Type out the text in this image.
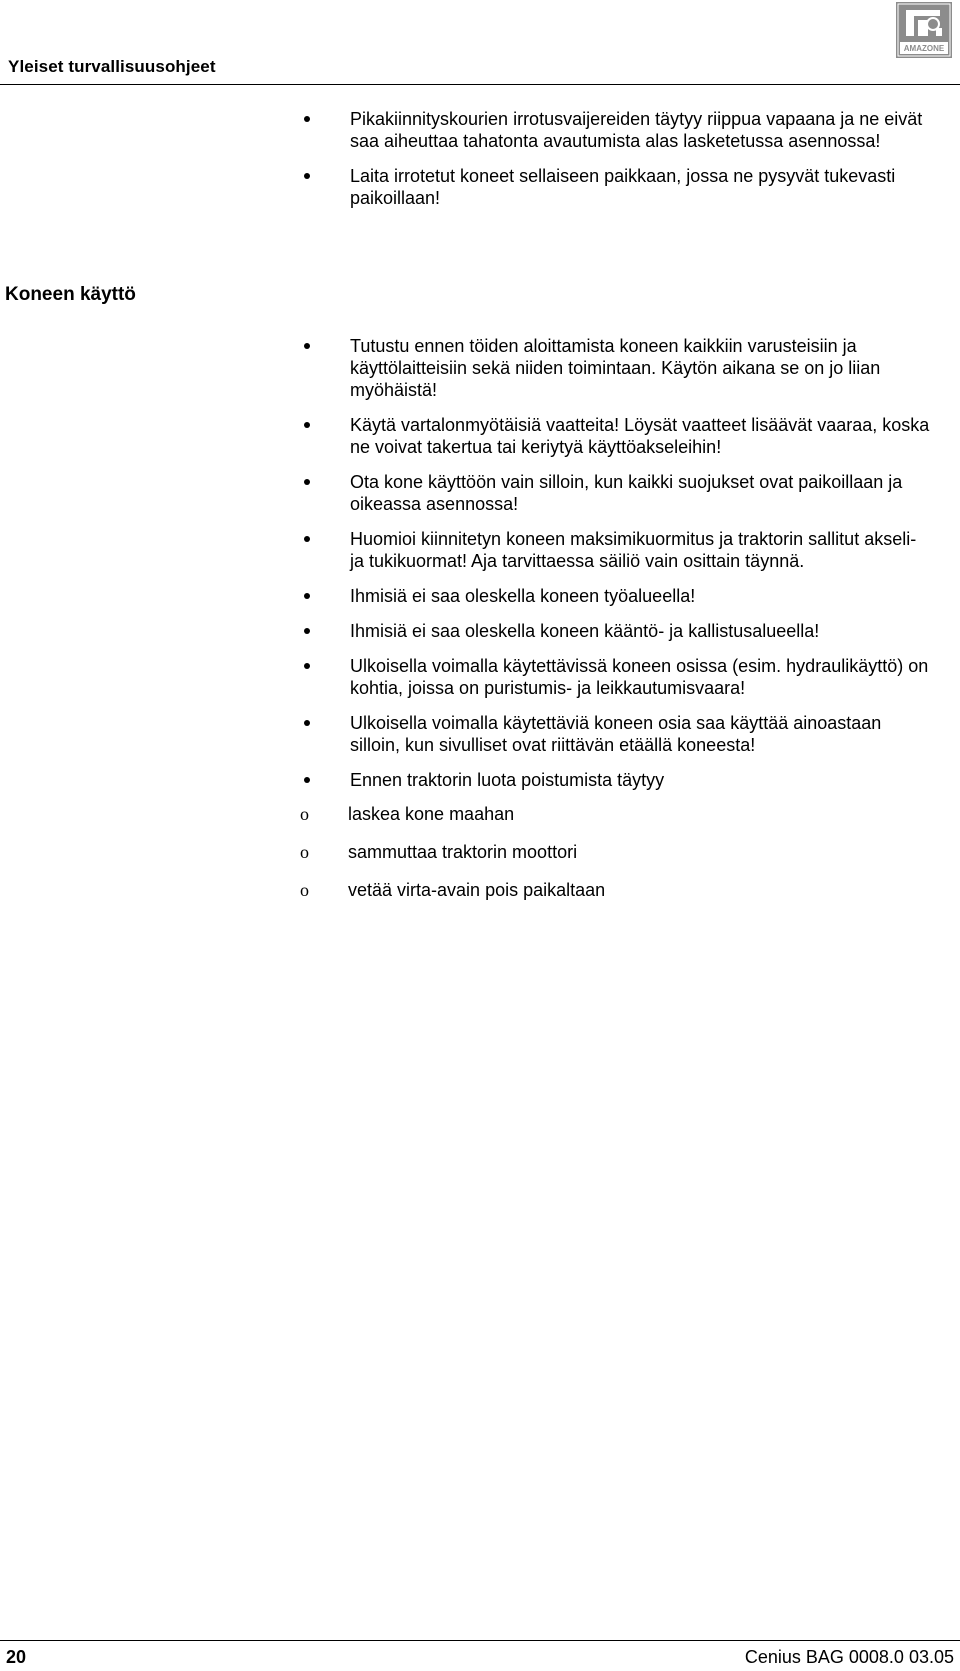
AMAZONE
Yleiset turvallisuusohjeet
Pikakiinnityskourien irrotusvaijereiden täytyy riippua vapaana ja ne eivät saa aiheuttaa tahatonta avautumista alas lasketetussa asennossa!
Laita irrotetut koneet sellaiseen paikkaan, jossa ne pysyvät tukevasti paikoillaan!
Koneen käyttö
Tutustu ennen töiden aloittamista koneen kaikkiin varusteisiin ja käyttölaitteisiin sekä niiden toimintaan. Käytön aikana se on jo liian myöhäistä!
Käytä vartalonmyötäisiä vaatteita! Löysät vaatteet lisäävät vaaraa, koska ne voivat takertua tai keriytyä käyttöakseleihin!
Ota kone käyttöön vain silloin, kun kaikki suojukset ovat paikoillaan ja oikeassa asennossa!
Huomioi kiinnitetyn koneen maksimikuormitus ja traktorin sallitut akseli- ja tukikuormat! Aja tarvittaessa säiliö vain osittain täynnä.
Ihmisiä ei saa oleskella koneen työalueella!
Ihmisiä ei saa oleskella koneen kääntö- ja kallistusalueella!
Ulkoisella voimalla käytettävissä koneen osissa (esim. hydraulikäyttö) on kohtia, joissa on puristumis- ja leikkautumisvaara!
Ulkoisella voimalla käytettäviä koneen osia saa käyttää ainoastaan silloin, kun sivulliset ovat riittävän etäällä koneesta!
Ennen traktorin luota poistumista täytyy
o laskea kone maahan
o sammuttaa traktorin moottori
o vetää virta-avain pois paikaltaan
20	Cenius BAG 0008.0 03.05
